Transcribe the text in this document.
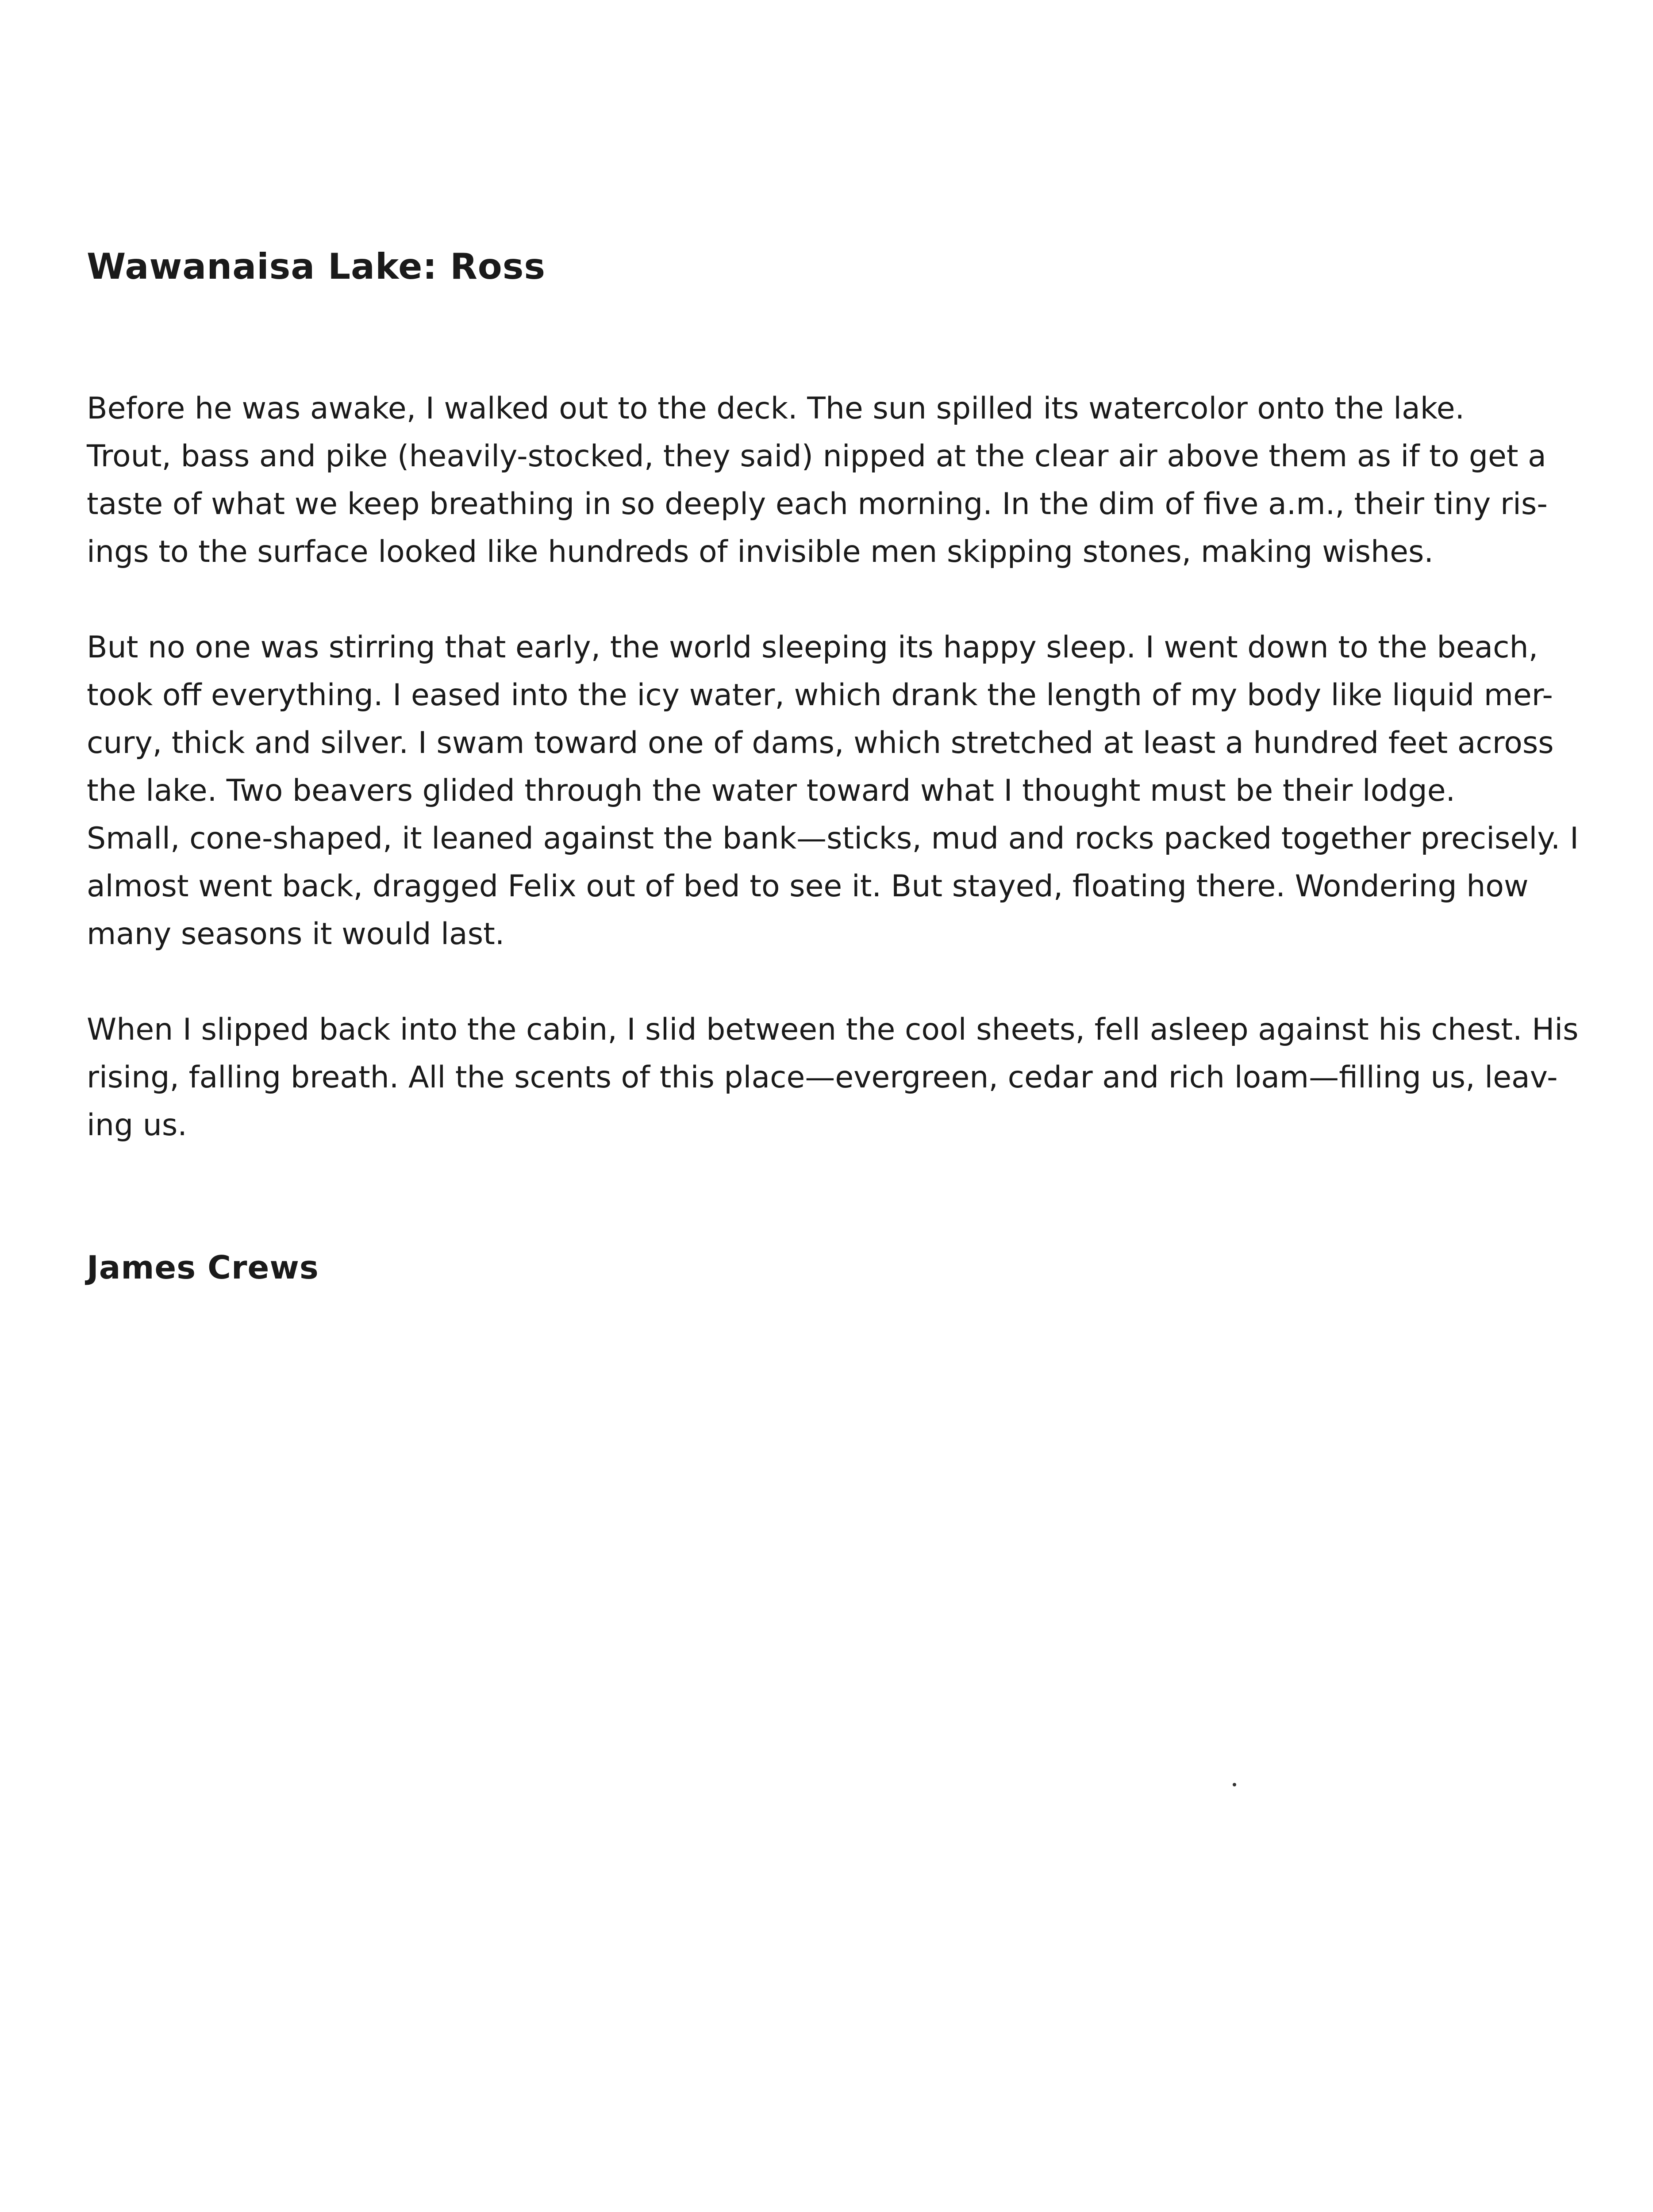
Wawanaisa Lake: Ross

Before he was awake, I walked out to the deck. The sun spilled its watercolor onto the lake.
Trout, bass and pike (heavily-stocked, they said) nipped at the clear air above them as if to get a
taste of what we keep breathing in so deeply each morning. In the dim of five a.m., their tiny ris-
ings to the surface looked like hundreds of invisible men skipping stones, making wishes.

But no one was stirring that early, the world sleeping its happy sleep. I went down to the beach,
took off everything. I eased into the icy water, which drank the length of my body like liquid mer-
cury, thick and silver. I swam toward one of dams, which stretched at least a hundred feet across
the lake. Two beavers glided through the water toward what I thought must be their lodge.
Small, cone-shaped, it leaned against the bank—sticks, mud and rocks packed together precisely. I
almost went back, dragged Felix out of bed to see it. But stayed, floating there. Wondering how
many seasons it would last.

When I slipped back into the cabin, I slid between the cool sheets, fell asleep against his chest. His
rising, falling breath. All the scents of this place—evergreen, cedar and rich loam—filling us, leav-
ing us.

James Crews
